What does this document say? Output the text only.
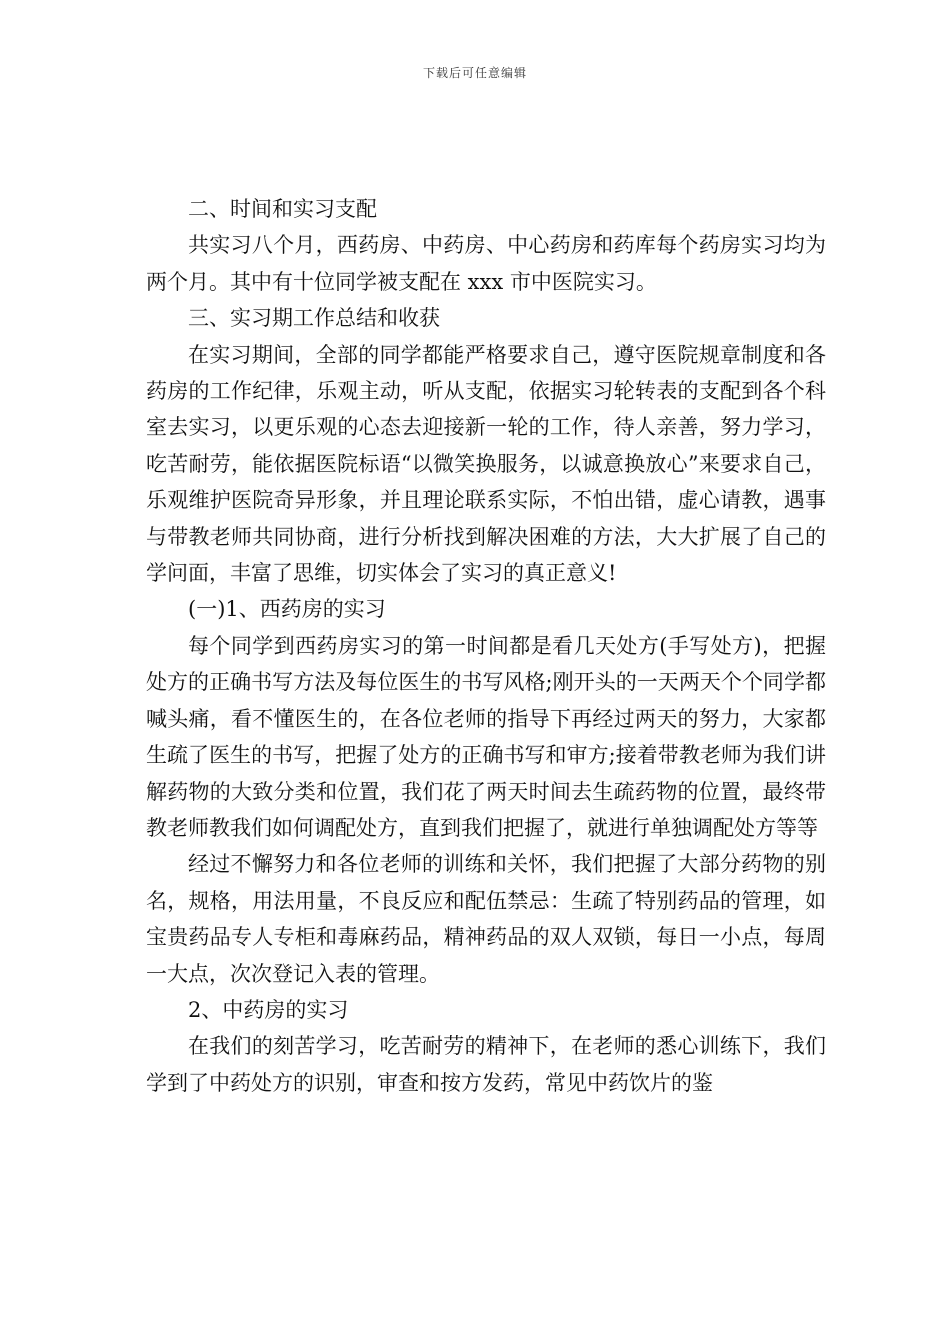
下载后可任意编辑

二、时间和实习支配

共实习八个月，西药房、中药房、中心药房和药库每个药房实习均为两个月。其中有十位同学被支配在 xxx 市中医院实习。

三、实习期工作总结和收获

在实习期间，全部的同学都能严格要求自己，遵守医院规章制度和各药房的工作纪律，乐观主动，听从支配，依据实习轮转表的支配到各个科室去实习，以更乐观的心态去迎接新一轮的工作，待人亲善，努力学习，吃苦耐劳，能依据医院标语“以微笑换服务，以诚意换放心”来要求自己，乐观维护医院奇异形象，并且理论联系实际，不怕出错，虚心请教，遇事与带教老师共同协商，进行分析找到解决困难的方法，大大扩展了自己的学问面，丰富了思维，切实体会了实习的真正意义!

(一)1、西药房的实习

每个同学到西药房实习的第一时间都是看几天处方(手写处方)，把握处方的正确书写方法及每位医生的书写风格;刚开头的一天两天个个同学都喊头痛，看不懂医生的，在各位老师的指导下再经过两天的努力，大家都生疏了医生的书写，把握了处方的正确书写和审方;接着带教老师为我们讲解药物的大致分类和位置，我们花了两天时间去生疏药物的位置，最终带教老师教我们如何调配处方，直到我们把握了，就进行单独调配处方等等

经过不懈努力和各位老师的训练和关怀，我们把握了大部分药物的别名，规格，用法用量，不良反应和配伍禁忌：生疏了特别药品的管理，如宝贵药品专人专柜和毒麻药品，精神药品的双人双锁，每日一小点，每周一大点，次次登记入表的管理。

2、中药房的实习

在我们的刻苦学习，吃苦耐劳的精神下，在老师的悉心训练下，我们学到了中药处方的识别，审查和按方发药，常见中药饮片的鉴
